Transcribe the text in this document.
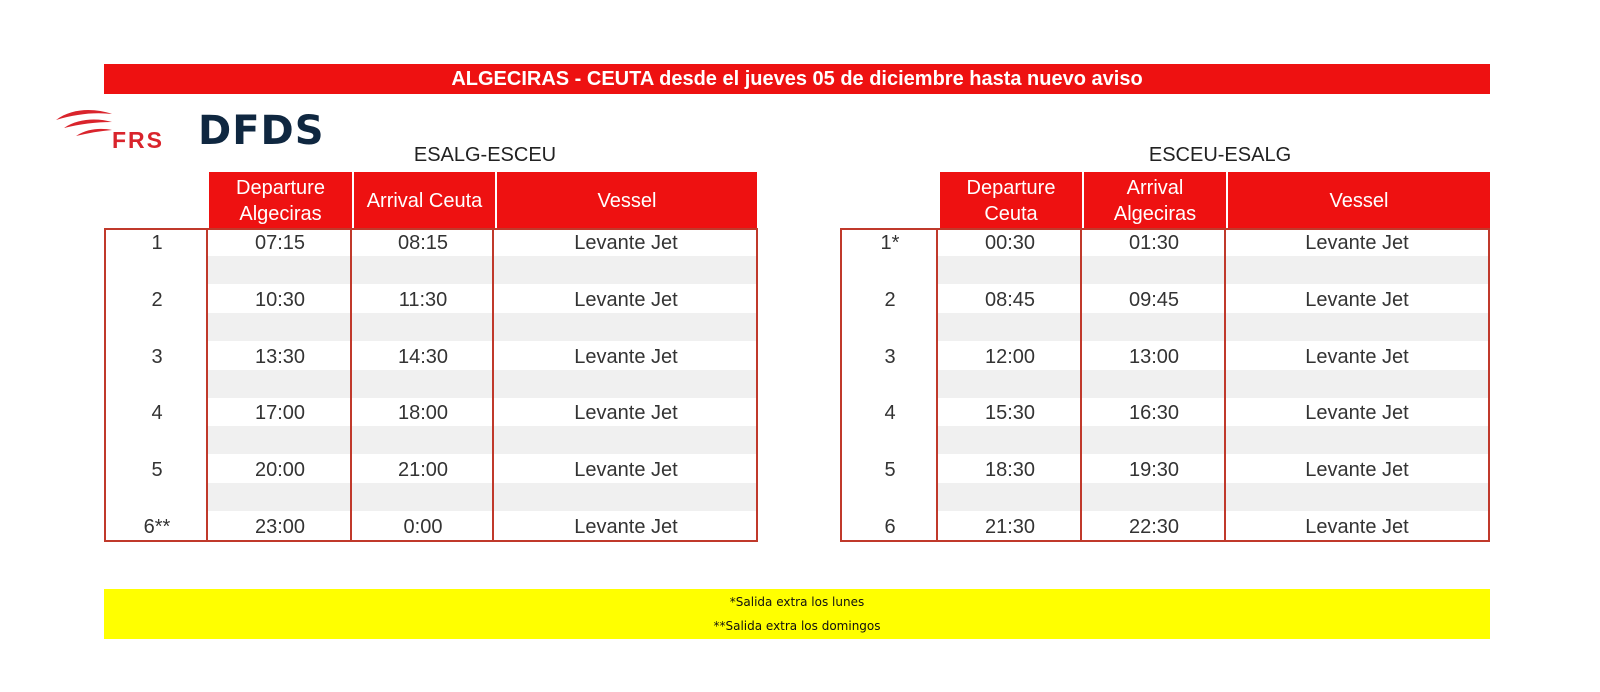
ALGECIRAS - CEUTA desde el jueves 05 de diciembre hasta nuevo aviso
FRS DFDS
ESALG-ESCEU	ESCEU-ESALG
Departure
Algeciras
Arrival Ceuta	Vessel
Departure
Ceuta
Arrival
Algeciras
Vessel
1	07:15	08:15	Levante Jet
2	10:30	11:30	Levante Jet
3	13:30	14:30	Levante Jet
4	17:00	18:00	Levante Jet
5	20:00	21:00	Levante Jet
6**	23:00	0:00	Levante Jet
1*	00:30	01:30	Levante Jet
2	08:45	09:45	Levante Jet
3	12:00	13:00	Levante Jet
4	15:30	16:30	Levante Jet
5	18:30	19:30	Levante Jet
6	21:30	22:30	Levante Jet
*Salida extra los lunes
**Salida extra los domingos
